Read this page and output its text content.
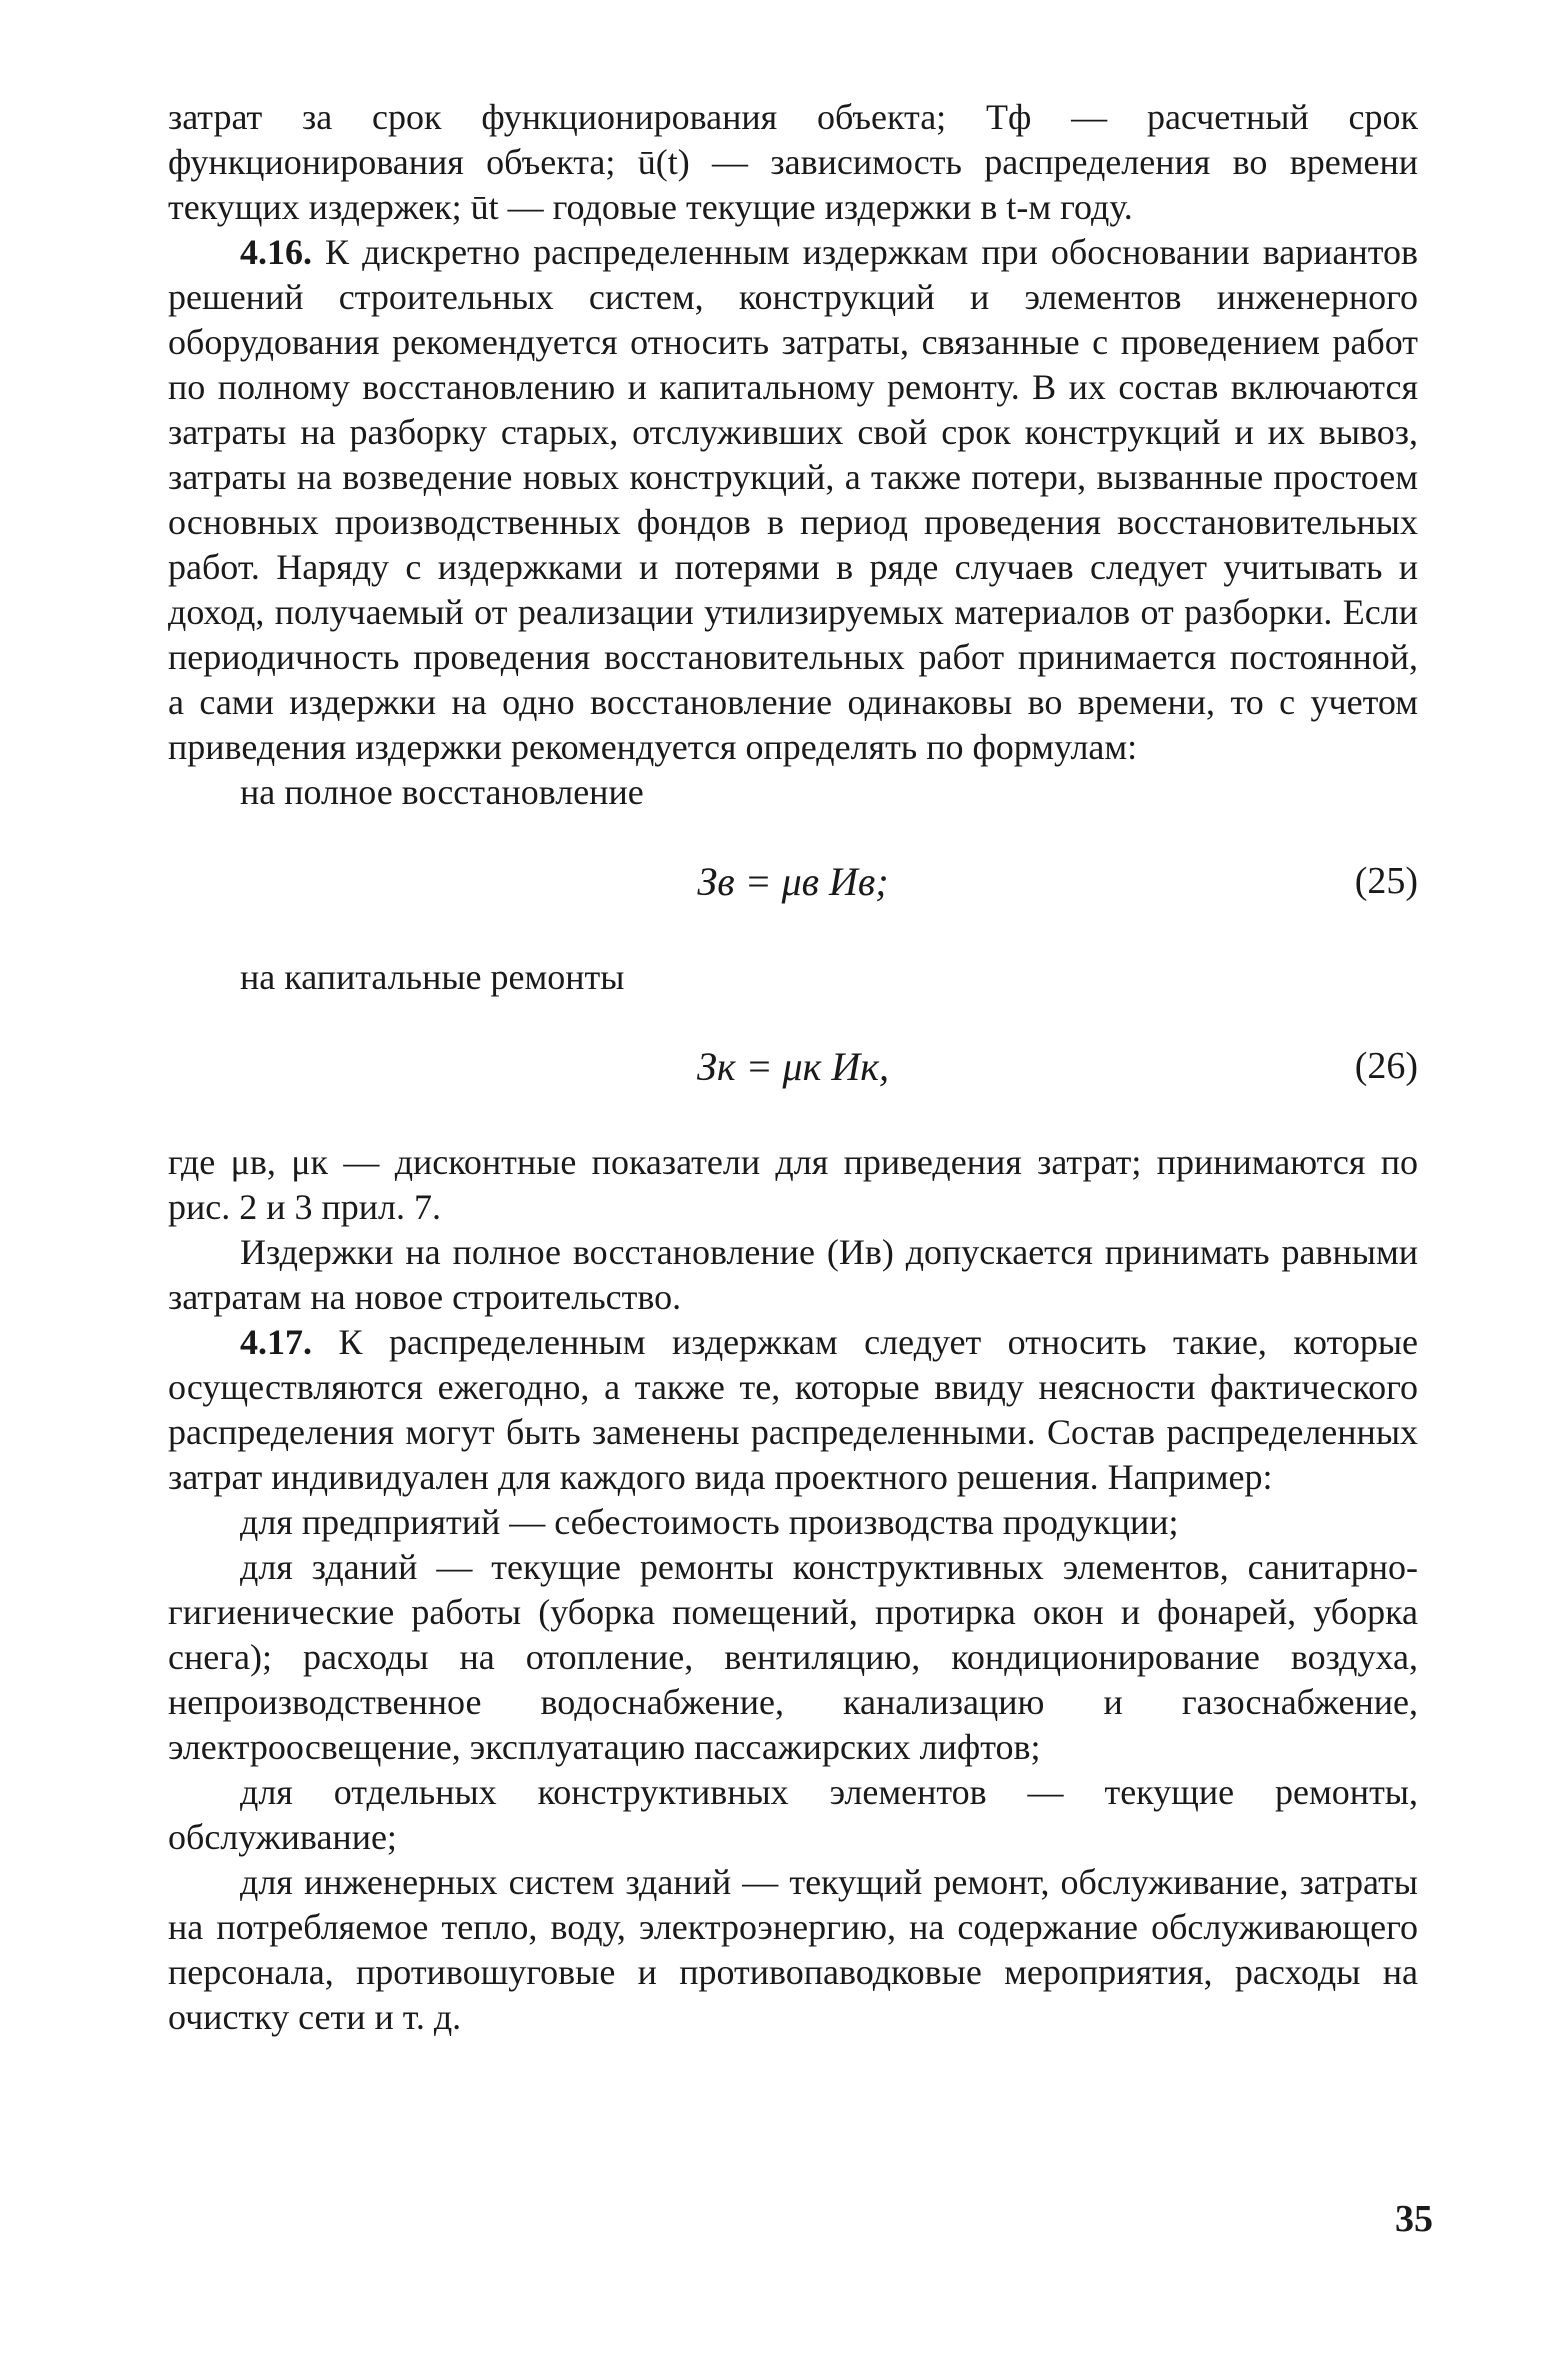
затрат за срок функционирования объекта; Тф — расчетный срок функционирования объекта; ū(t) — зависимость распределения во времени текущих издержек; ūt — годовые текущие издержки в t-м году.

4.16. К дискретно распределенным издержкам при обосновании вариантов решений строительных систем, конструкций и элементов инженерного оборудования рекомендуется относить затраты, связанные с проведением работ по полному восстановлению и капитальному ремонту. В их состав включаются затраты на разборку старых, отслуживших свой срок конструкций и их вывоз, затраты на возведение новых конструкций, а также потери, вызванные простоем основных производственных фондов в период проведения восстановительных работ. Наряду с издержками и потерями в ряде случаев следует учитывать и доход, получаемый от реализации утилизируемых материалов от разборки. Если периодичность проведения восстановительных работ принимается постоянной, а сами издержки на одно восстановление одинаковы во времени, то с учетом приведения издержки рекомендуется определять по формулам:

на полное восстановление

Зв = μв Ив;	(25)

на капитальные ремонты

Зк = μк Ик,	(26)

где μв, μк — дисконтные показатели для приведения затрат; принимаются по рис. 2 и 3 прил. 7.

Издержки на полное восстановление (Ив) допускается принимать равными затратам на новое строительство.

4.17. К распределенным издержкам следует относить такие, которые осуществляются ежегодно, а также те, которые ввиду неясности фактического распределения могут быть заменены распределенными. Состав распределенных затрат индивидуален для каждого вида проектного решения. Например:

для предприятий — себестоимость производства продукции;

для зданий — текущие ремонты конструктивных элементов, санитарно-гигиенические работы (уборка помещений, протирка окон и фонарей, уборка снега); расходы на отопление, вентиляцию, кондиционирование воздуха, непроизводственное водоснабжение, канализацию и газоснабжение, электроосвещение, эксплуатацию пассажирских лифтов;

для отдельных конструктивных элементов — текущие ремонты, обслуживание;

для инженерных систем зданий — текущий ремонт, обслуживание, затраты на потребляемое тепло, воду, электроэнергию, на содержание обслуживающего персонала, противошуговые и противопаводковые мероприятия, расходы на очистку сети и т. д.

35
